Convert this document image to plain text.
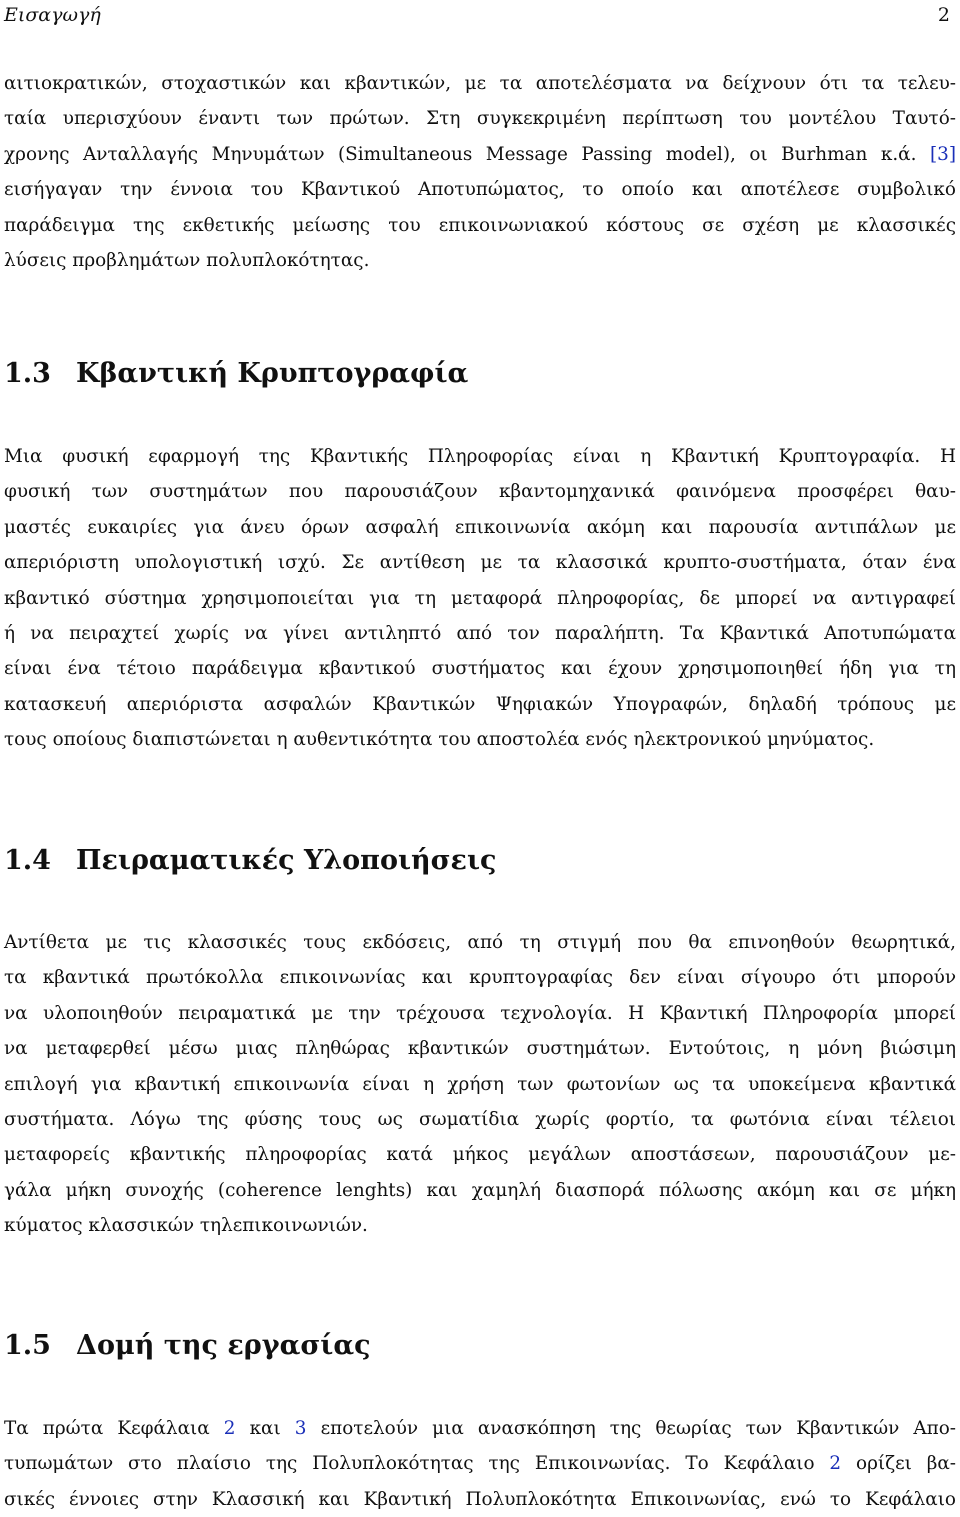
Εισαγωγή	2
αιτιοκρατικών, στοχαστικών και κβαντικών, με τα αποτελέσματα να δείχνουν ότι τα τελευ-
ταία υπερισχύουν έναντι των πρώτων. Στη συγκεκριμένη περίπτωση του μοντέλου Ταυτό-
χρονης Ανταλλαγής Μηνυμάτων (Simultaneous Message Passing model), οι Burhman κ.ά. [3]
εισήγαγαν την έννοια του Κβαντικού Αποτυπώματος, το οποίο και αποτέλεσε συμβολικό
παράδειγμα της εκθετικής μείωσης του επικοινωνιακού κόστους σε σχέση με κλασσικές
λύσεις προβλημάτων πολυπλοκότητας.
1.3 Κβαντική Κρυπτογραφία
Μια φυσική εφαρμογή της Κβαντικής Πληροφορίας είναι η Κβαντική Κρυπτογραφία. Η
φυσική των συστημάτων που παρουσιάζουν κβαντομηχανικά φαινόμενα προσφέρει θαυ-
μαστές ευκαιρίες για άνευ όρων ασφαλή επικοινωνία ακόμη και παρουσία αντιπάλων με
απεριόριστη υπολογιστική ισχύ. Σε αντίθεση με τα κλασσικά κρυπτο-συστήματα, όταν ένα
κβαντικό σύστημα χρησιμοποιείται για τη μεταφορά πληροφορίας, δε μπορεί να αντιγραφεί
ή να πειραχτεί χωρίς να γίνει αντιληπτό από τον παραλήπτη. Τα Κβαντικά Αποτυπώματα
είναι ένα τέτοιο παράδειγμα κβαντικού συστήματος και έχουν χρησιμοποιηθεί ήδη για τη
κατασκευή απεριόριστα ασφαλών Κβαντικών Ψηφιακών Υπογραφών, δηλαδή τρόπους με
τους οποίους διαπιστώνεται η αυθεντικότητα του αποστολέα ενός ηλεκτρονικού μηνύματος.
1.4 Πειραματικές Υλοποιήσεις
Αντίθετα με τις κλασσικές τους εκδόσεις, από τη στιγμή που θα επινοηθούν θεωρητικά,
τα κβαντικά πρωτόκολλα επικοινωνίας και κρυπτογραφίας δεν είναι σίγουρο ότι μπορούν
να υλοποιηθούν πειραματικά με την τρέχουσα τεχνολογία. Η Κβαντική Πληροφορία μπορεί
να μεταφερθεί μέσω μιας πληθώρας κβαντικών συστημάτων. Εντούτοις, η μόνη βιώσιμη
επιλογή για κβαντική επικοινωνία είναι η χρήση των φωτονίων ως τα υποκείμενα κβαντικά
συστήματα. Λόγω της φύσης τους ως σωματίδια χωρίς φορτίο, τα φωτόνια είναι τέλειοι
μεταφορείς κβαντικής πληροφορίας κατά μήκος μεγάλων αποστάσεων, παρουσιάζουν με-
γάλα μήκη συνοχής (coherence lenghts) και χαμηλή διασπορά πόλωσης ακόμη και σε μήκη
κύματος κλασσικών τηλεπικοινωνιών.
1.5 Δομή της εργασίας
Τα πρώτα Κεφάλαια 2 και 3 εποτελούν μια ανασκόπηση της θεωρίας των Κβαντικών Απο-
τυπωμάτων στο πλαίσιο της Πολυπλοκότητας της Επικοινωνίας. Το Κεφάλαιο 2 ορίζει βα-
σικές έννοιες στην Κλασσική και Κβαντική Πολυπλοκότητα Επικοινωνίας, ενώ το Κεφάλαιο
